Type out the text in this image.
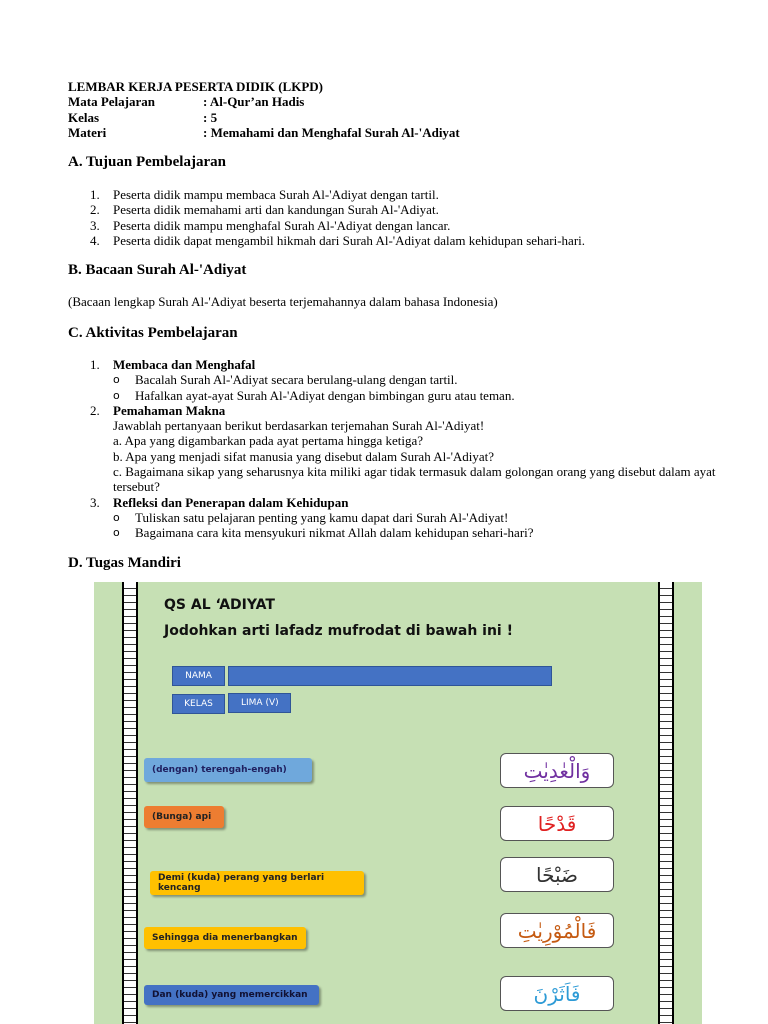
LEMBAR KERJA PESERTA DIDIK (LKPD)
Mata Pelajaran	: Al-Qur’an Hadis
Kelas	: 5
Materi	: Memahami dan Menghafal Surah Al-'Adiyat
A. Tujuan Pembelajaran
1.	Peserta didik mampu membaca Surah Al-'Adiyat dengan tartil.
2.	Peserta didik memahami arti dan kandungan Surah Al-'Adiyat.
3.	Peserta didik mampu menghafal Surah Al-'Adiyat dengan lancar.
4.	Peserta didik dapat mengambil hikmah dari Surah Al-'Adiyat dalam kehidupan sehari-hari.
B. Bacaan Surah Al-'Adiyat
(Bacaan lengkap Surah Al-'Adiyat beserta terjemahannya dalam bahasa Indonesia)
C. Aktivitas Pembelajaran
1.	Membaca dan Menghafal
o	Bacalah Surah Al-'Adiyat secara berulang-ulang dengan tartil.
o	Hafalkan ayat-ayat Surah Al-'Adiyat dengan bimbingan guru atau teman.
2.	Pemahaman Makna
Jawablah pertanyaan berikut berdasarkan terjemahan Surah Al-'Adiyat!
a. Apa yang digambarkan pada ayat pertama hingga ketiga?
b. Apa yang menjadi sifat manusia yang disebut dalam Surah Al-'Adiyat?
c. Bagaimana sikap yang seharusnya kita miliki agar tidak termasuk dalam golongan orang yang disebut dalam ayat tersebut?
3.	Refleksi dan Penerapan dalam Kehidupan
o	Tuliskan satu pelajaran penting yang kamu dapat dari Surah Al-'Adiyat!
o	Bagaimana cara kita mensyukuri nikmat Allah dalam kehidupan sehari-hari?
D. Tugas Mandiri
QS AL ‘ADIYAT
Jodohkan arti lafadz mufrodat di bawah ini !
NAMA
KELAS	LIMA (V)
(dengan) terengah-engah)
(Bunga) api
Demi (kuda) perang yang berlari kencang
Sehingga dia menerbangkan
Dan (kuda) yang memercikkan
وَالْعٰدِيٰتِ
قَدْحًا
ضَبْحًا
فَالْمُوْرِيٰتِ
فَاَثَرْنَ
